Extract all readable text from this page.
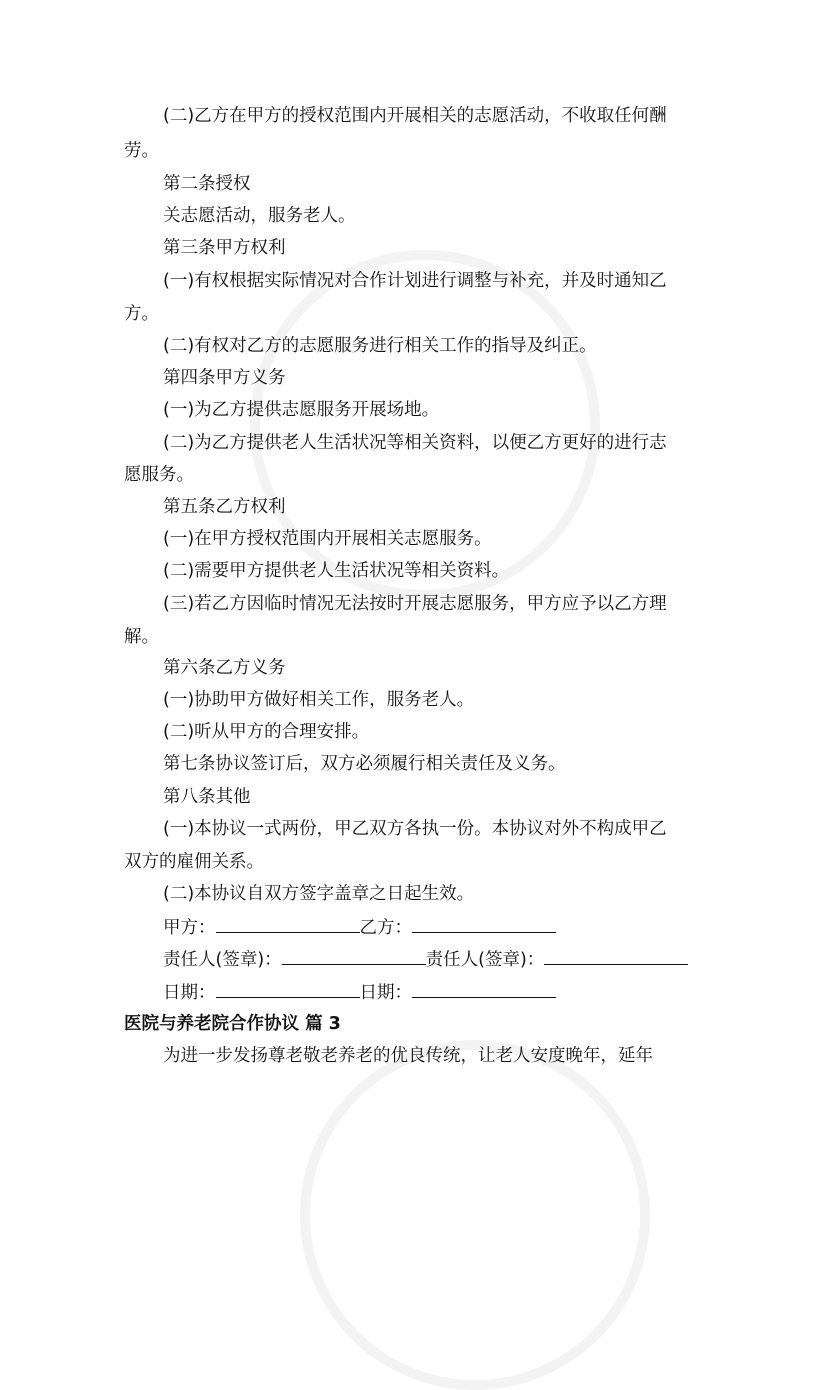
(二)乙方在甲方的授权范围内开展相关的志愿活动，不收取任何酬
劳。
第二条授权
关志愿活动，服务老人。
第三条甲方权利
(一)有权根据实际情况对合作计划进行调整与补充，并及时通知乙
方。
(二)有权对乙方的志愿服务进行相关工作的指导及纠正。
第四条甲方义务
(一)为乙方提供志愿服务开展场地。
(二)为乙方提供老人生活状况等相关资料，以便乙方更好的进行志
愿服务。
第五条乙方权利
(一)在甲方授权范围内开展相关志愿服务。
(二)需要甲方提供老人生活状况等相关资料。
(三)若乙方因临时情况无法按时开展志愿服务，甲方应予以乙方理
解。
第六条乙方义务
(一)协助甲方做好相关工作，服务老人。
(二)听从甲方的合理安排。
第七条协议签订后，双方必须履行相关责任及义务。
第八条其他
(一)本协议一式两份，甲乙双方各执一份。本协议对外不构成甲乙
双方的雇佣关系。
(二)本协议自双方签字盖章之日起生效。
甲方：	乙方：
责任人(签章)：	责任人(签章)：
日期：	日期：
医院与养老院合作协议 篇 3
为进一步发扬尊老敬老养老的优良传统，让老人安度晚年，延年
